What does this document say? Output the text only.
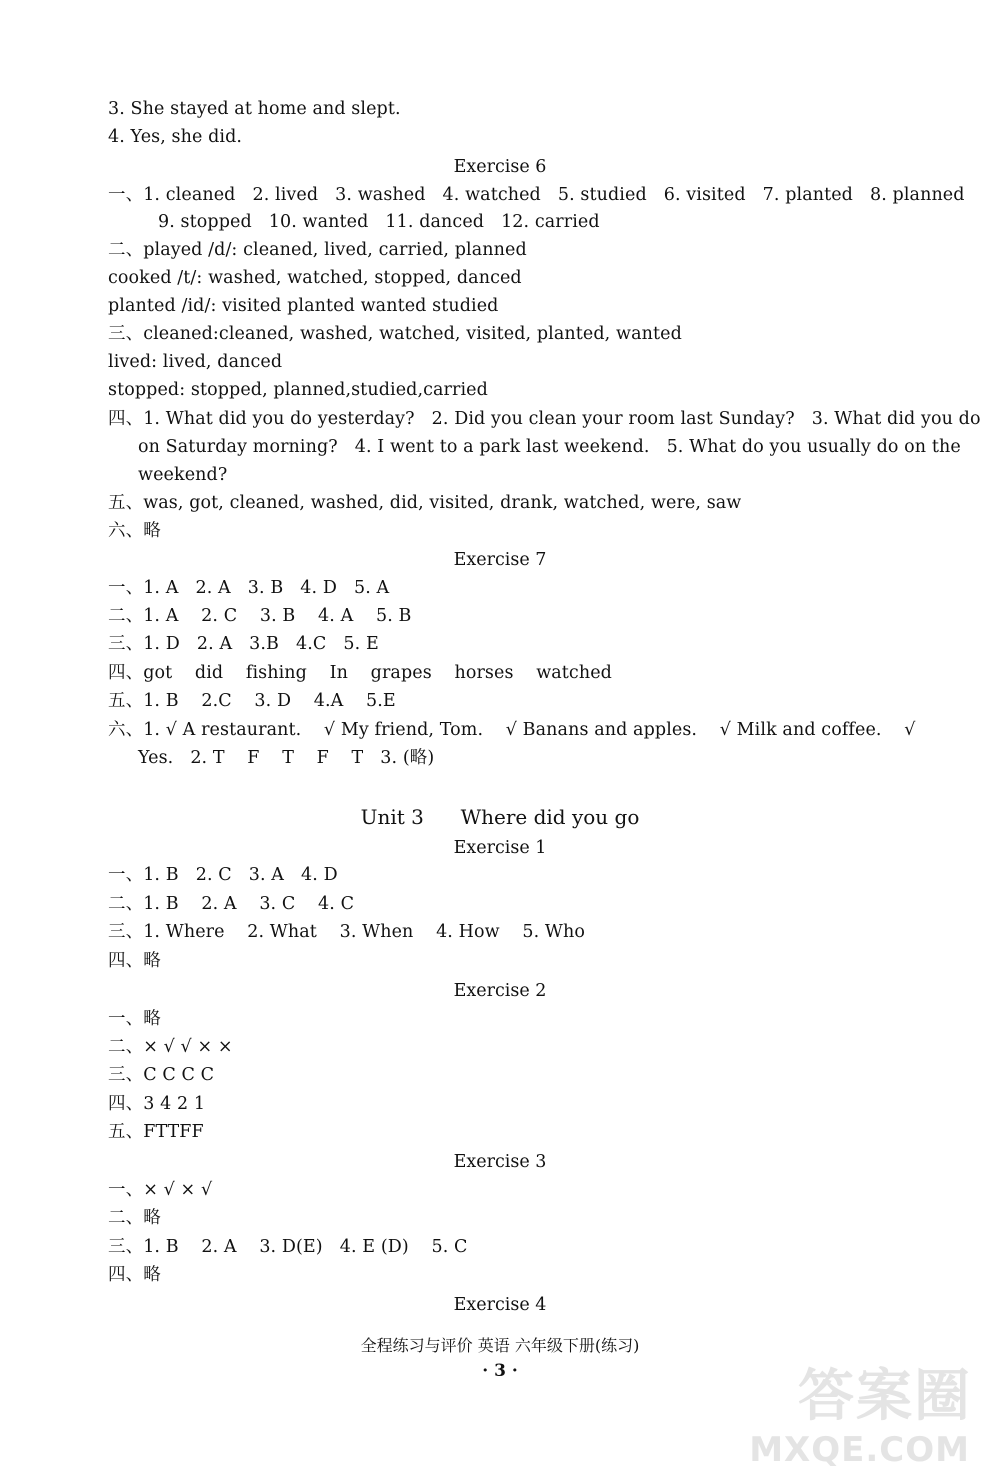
3. She stayed at home and slept.
4. Yes, she did.
Exercise 6
一、1. cleaned   2. lived   3. washed   4. watched   5. studied   6. visited   7. planted   8. planned
9. stopped   10. wanted   11. danced   12. carried
二、played /d/: cleaned, lived, carried, planned
cooked /t/: washed, watched, stopped, danced
planted /id/: visited planted wanted studied
三、cleaned:cleaned, washed, watched, visited, planted, wanted
lived: lived, danced
stopped: stopped, planned,studied,carried
四、1. What did you do yesterday?   2. Did you clean your room last Sunday?   3. What did you do
on Saturday morning?   4. I went to a park last weekend.   5. What do you usually do on the
weekend?
五、was, got, cleaned, washed, did, visited, drank, watched, were, saw
六、略
Exercise 7
一、1. A   2. A   3. B   4. D   5. A
二、1. A    2. C    3. B    4. A    5. B
三、1. D   2. A   3.B   4.C   5. E
四、got    did    fishing    In    grapes    horses    watched
五、1. B    2.C    3. D    4.A    5.E
六、1. √ A restaurant.    √ My friend, Tom.    √ Banans and apples.    √ Milk and coffee.    √
Yes.   2. T    F    T    F    T   3. (略)
Unit 3 Where did you go
Exercise 1
一、1. B   2. C   3. A   4. D
二、1. B    2. A    3. C    4. C
三、1. Where    2. What    3. When    4. How    5. Who
四、略
Exercise 2
一、略
二、× √ √ × ×
三、C C C C
四、3 4 2 1
五、FTTFF
Exercise 3
一、× √ × √
二、略
三、1. B    2. A    3. D(E)   4. E (D)    5. C
四、略
Exercise 4
全程练习与评价 英语 六年级下册(练习)
· 3 ·	答案圈
MXQE.COM
